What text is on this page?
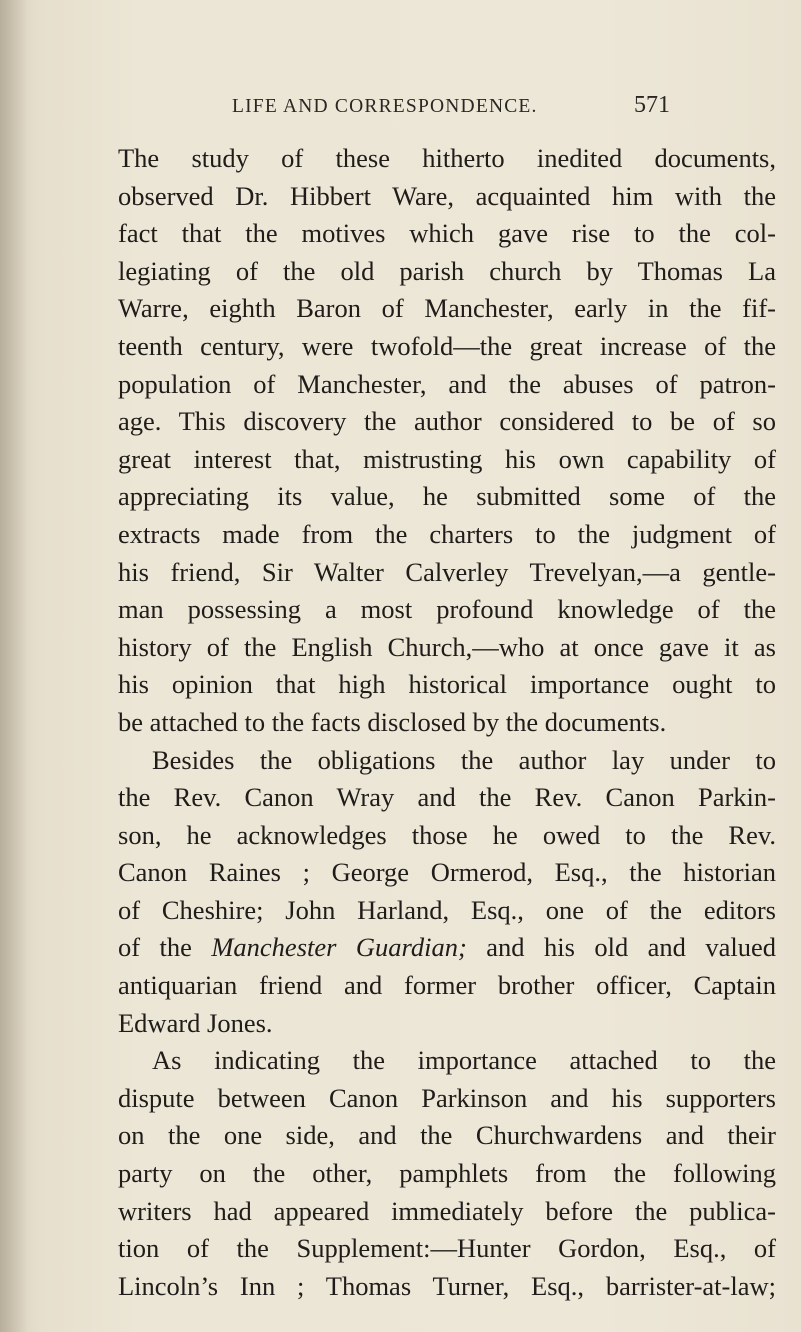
LIFE AND CORRESPONDENCE.	571
The study of these hitherto inedited documents,
observed Dr. Hibbert Ware, acquainted him with the
fact that the motives which gave rise to the col-
legiating of the old parish church by Thomas La
Warre, eighth Baron of Manchester, early in the fif-
teenth century, were twofold—the great increase of the
population of Manchester, and the abuses of patron-
age. This discovery the author considered to be of so
great interest that, mistrusting his own capability of
appreciating its value, he submitted some of the
extracts made from the charters to the judgment of
his friend, Sir Walter Calverley Trevelyan,—a gentle-
man possessing a most profound knowledge of the
history of the English Church,—who at once gave it as
his opinion that high historical importance ought to
be attached to the facts disclosed by the documents.
Besides the obligations the author lay under to
the Rev. Canon Wray and the Rev. Canon Parkin-
son, he acknowledges those he owed to the Rev.
Canon Raines ; George Ormerod, Esq., the historian
of Cheshire; John Harland, Esq., one of the editors
of the Manchester Guardian; and his old and valued
antiquarian friend and former brother officer, Captain
Edward Jones.
As indicating the importance attached to the
dispute between Canon Parkinson and his supporters
on the one side, and the Churchwardens and their
party on the other, pamphlets from the following
writers had appeared immediately before the publica-
tion of the Supplement:—Hunter Gordon, Esq., of
Lincoln’s Inn ; Thomas Turner, Esq., barrister-at-law;
